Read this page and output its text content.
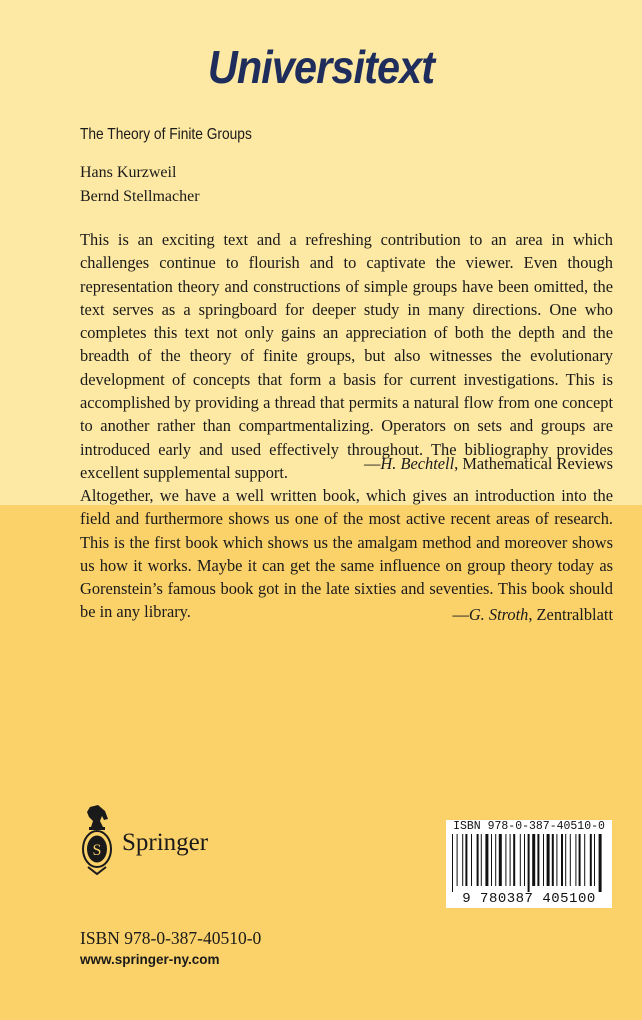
Universitext
The Theory of Finite Groups
Hans Kurzweil
Bernd Stellmacher

This is an exciting text and a refreshing contribution to an area in which challenges continue to flourish and to captivate the viewer. Even though representation theory and constructions of simple groups have been omitted, the text serves as a springboard for deeper study in many directions. One who completes this text not only gains an appreciation of both the depth and the breadth of the theory of finite groups, but also witnesses the evolutionary development of concepts that form a basis for current investigations. This is accomplished by providing a thread that permits a natural flow from one concept to another rather than compartmentalizing. Operators on sets and groups are introduced early and used effectively throughout. The bibliography provides excellent supplemental support.	—H. Bechtell, Mathematical Reviews

Altogether, we have a well written book, which gives an introduction into the field and furthermore shows us one of the most active recent areas of research. This is the first book which shows us the amalgam method and moreover shows us how it works. Maybe it can get the same influence on group theory today as Gorenstein’s famous book got in the late sixties and seventies. This book should be in any library.	—G. Stroth, Zentralblatt
S Springer
ISBN 978-0-387-40510-0
9 780387 405100
ISBN 978-0-387-40510-0
www.springer-ny.com
